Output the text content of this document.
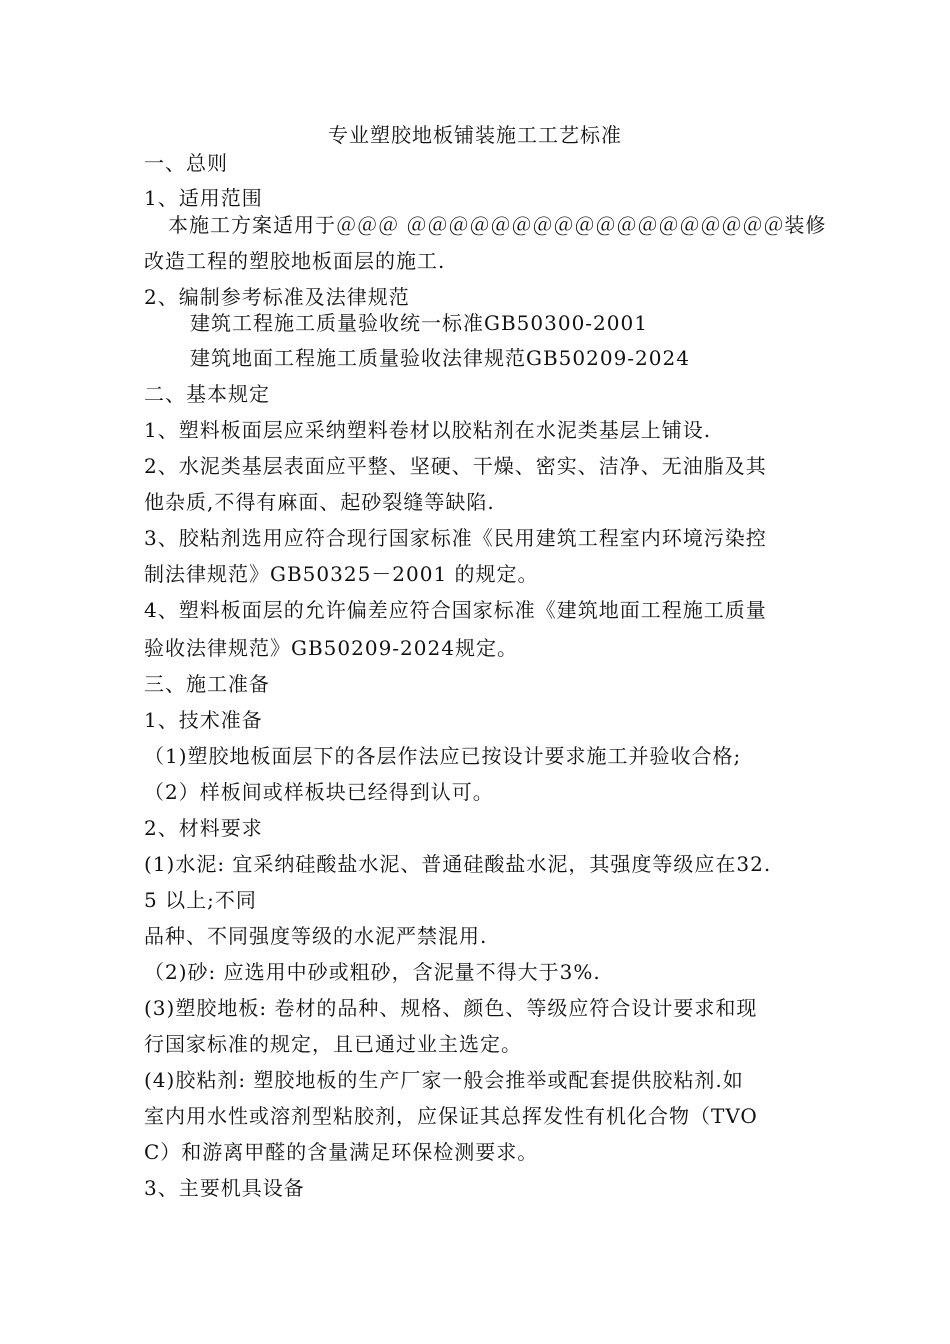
专业塑胶地板铺装施工工艺标准
一、总则
1、适用范围
本施工方案适用于＠＠＠ ＠＠＠＠＠＠＠＠＠＠＠＠＠＠＠＠＠＠装修
改造工程的塑胶地板面层的施工.
2、编制参考标准及法律规范
建筑工程施工质量验收统一标准GB50300-2001
建筑地面工程施工质量验收法律规范GB50209-2024
二、基本规定
1、塑料板面层应采纳塑料卷材以胶粘剂在水泥类基层上铺设.
2、水泥类基层表面应平整、坚硬、干燥、密实、洁净、无油脂及其
他杂质,不得有麻面、起砂裂缝等缺陷.
3、胶粘剂选用应符合现行国家标准《民用建筑工程室内环境污染控
制法律规范》GB50325－2001 的规定。
4、塑料板面层的允许偏差应符合国家标准《建筑地面工程施工质量
验收法律规范》GB50209-2024规定。
三、施工准备
1、技术准备
（1)塑胶地板面层下的各层作法应已按设计要求施工并验收合格;
（2）样板间或样板块已经得到认可。
2、材料要求
(1)水泥: 宜采纳硅酸盐水泥、普通硅酸盐水泥，其强度等级应在32.
5 以上;不同
品种、不同强度等级的水泥严禁混用.
（2)砂: 应选用中砂或粗砂，含泥量不得大于3%.
(3)塑胶地板: 卷材的品种、规格、颜色、等级应符合设计要求和现
行国家标准的规定，且已通过业主选定。
(4)胶粘剂: 塑胶地板的生产厂家一般会推举或配套提供胶粘剂.如
室内用水性或溶剂型粘胶剂，应保证其总挥发性有机化合物（TVO
C）和游离甲醛的含量满足环保检测要求。
3、主要机具设备
